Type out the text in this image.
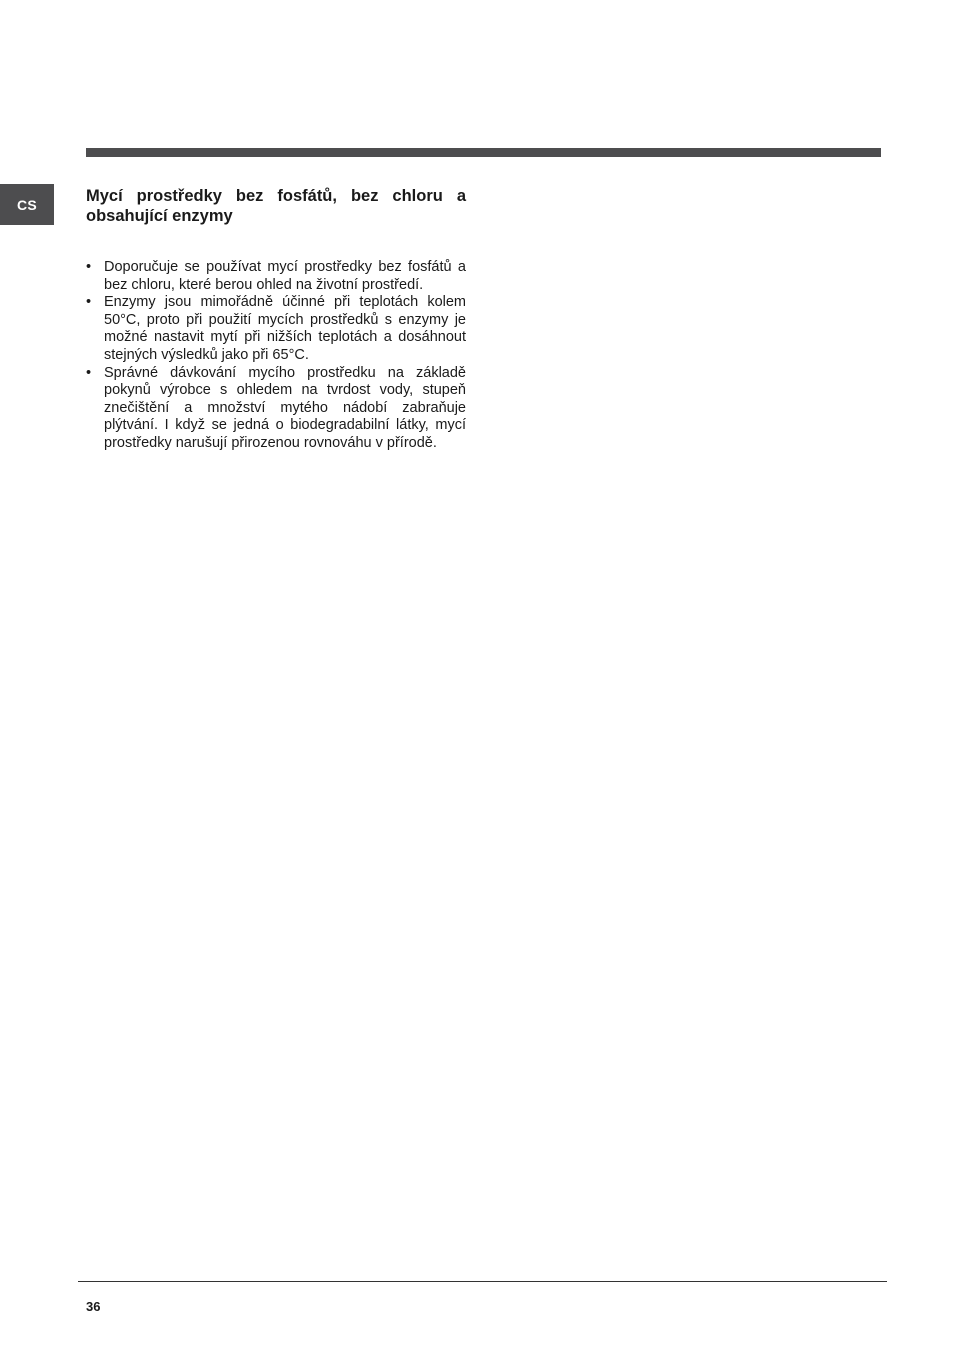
CS	Mycí prostředky bez fosfátů, bez chloru a obsahující enzymy
• Doporučuje se používat mycí prostředky bez fosfátů a bez chloru, které berou ohled na životní prostředí.
• Enzymy jsou mimořádně účinné při teplotách kolem 50°C, proto při použití mycích prostředků s enzymy je možné nastavit mytí při nižších teplotách a dosáhnout stejných výsledků jako při 65°C.
• Správné dávkování mycího prostředku na základě pokynů výrobce s ohledem na tvrdost vody, stupeň znečištění a množství mytého nádobí zabraňuje plýtvání. I když se jedná o biodegradabilní látky, mycí prostředky narušují přirozenou rovnováhu v přírodě.
36
